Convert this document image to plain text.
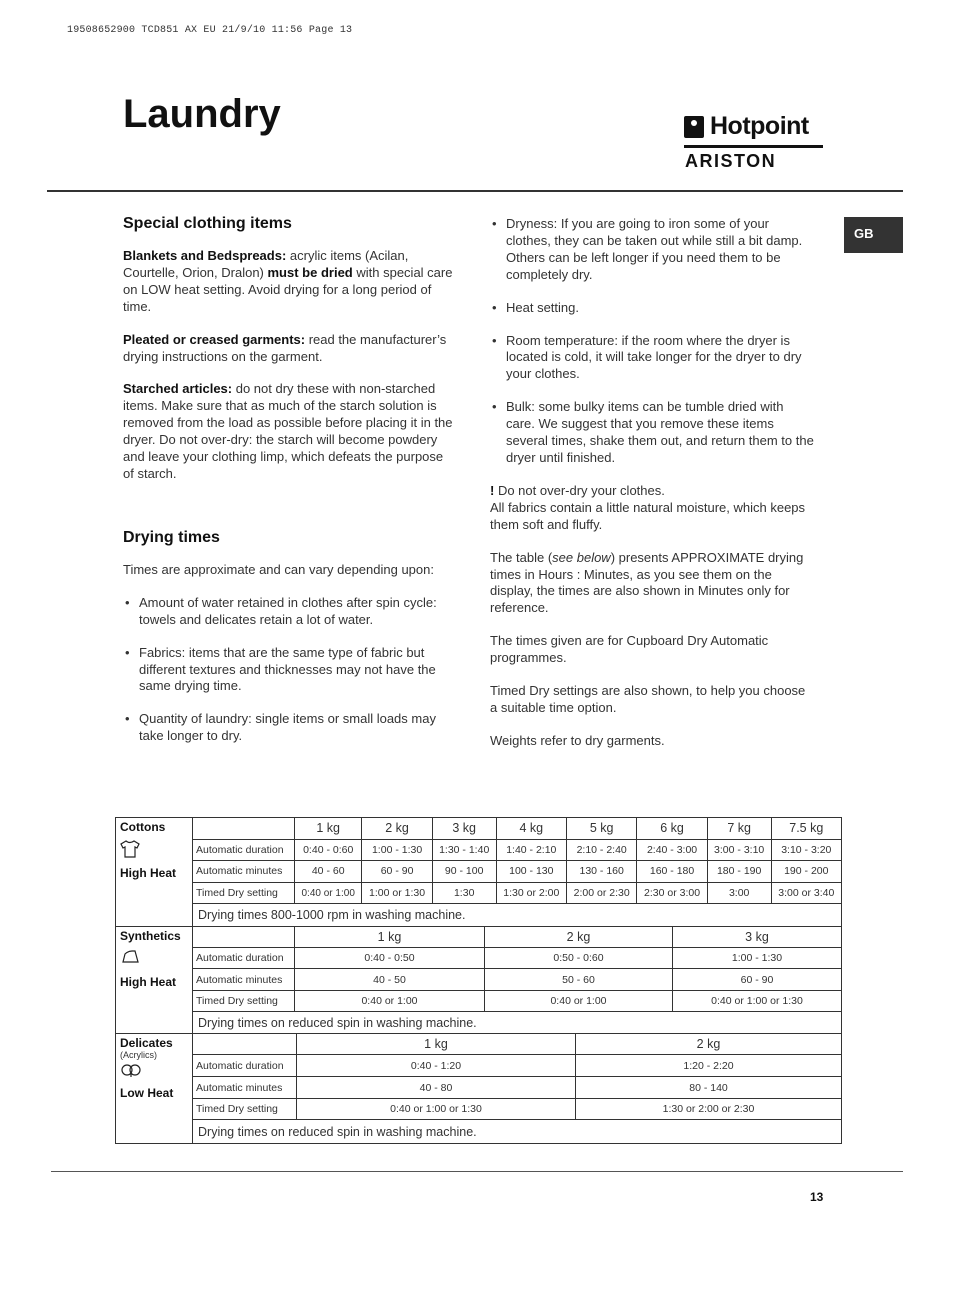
19508652900 TCD851 AX EU 21/9/10 11:56 Page 13
Laundry	Hotpoint
ARISTON
GB
Special clothing items

Blankets and Bedspreads: acrylic items (Acilan, Courtelle, Orion, Dralon) must be dried with special care on LOW heat setting. Avoid drying for a long period of time.

Pleated or creased garments: read the manufacturer’s drying instructions on the garment.

Starched articles: do not dry these with non-starched items. Make sure that as much of the starch solution is removed from the load as possible before placing it in the dryer. Do not over-dry: the starch will become powdery and leave your clothing limp, which defeats the purpose of starch.

Drying times

Times are approximate and can vary depending upon:

• Amount of water retained in clothes after spin cycle: towels and delicates retain a lot of water.

• Fabrics: items that are the same type of fabric but different textures and thicknesses may not have the same drying time.

• Quantity of laundry: single items or small loads may take longer to dry.

• Dryness: If you are going to iron some of your clothes, they can be taken out while still a bit damp. Others can be left longer if you need them to be completely dry.

• Heat setting.

• Room temperature: if the room where the dryer is located is cold, it will take longer for the dryer to dry your clothes.

• Bulk: some bulky items can be tumble dried with care. We suggest that you remove these items several times, shake them out, and return them to the dryer until finished.

! Do not over-dry your clothes.
All fabrics contain a little natural moisture, which keeps them soft and fluffy.

The table (see below) presents APPROXIMATE drying times in Hours : Minutes, as you see them on the display, the times are also shown in Minutes only for reference.

The times given are for Cupboard Dry Automatic programmes.

Timed Dry settings are also shown, to help you choose a suitable time option.

Weights refer to dry garments.

Cottons
High Heat		1 kg	2 kg	3 kg	4 kg	5 kg	6 kg	7 kg	7.5 kg
	Automatic duration	0:40 - 0:60	1:00 - 1:30	1:30 - 1:40	1:40 - 2:10	2:10 - 2:40	2:40 - 3:00	3:00 - 3:10	3:10 - 3:20
	Automatic minutes	40 - 60	60 - 90	90 - 100	100 - 130	130 - 160	160 - 180	180 - 190	190 - 200
	Timed Dry setting	0:40 or 1:00	1:00 or 1:30	1:30	1:30 or 2:00	2:00 or 2:30	2:30 or 3:00	3:00	3:00 or 3:40
	Drying times 800-1000 rpm in washing machine.								
Synthetics
High Heat		1 kg	2 kg	3 kg
	Automatic duration	0:40 - 0:50	0:50 - 0:60	1:00 - 1:30
	Automatic minutes	40 - 50	50 - 60	60 - 90
	Timed Dry setting	0:40 or 1:00	0:40 or 1:00	0:40 or 1:00 or 1:30
	Drying times on reduced spin in washing machine.			
Delicates
(Acrylics)
Low Heat		1 kg	2 kg
	Automatic duration	0:40 - 1:20	1:20 - 2:20
	Automatic minutes	40 - 80	80 - 140
	Timed Dry setting	0:40 or 1:00 or 1:30	1:30 or 2:00 or 2:30
	Drying times on reduced spin in washing machine.		
13
